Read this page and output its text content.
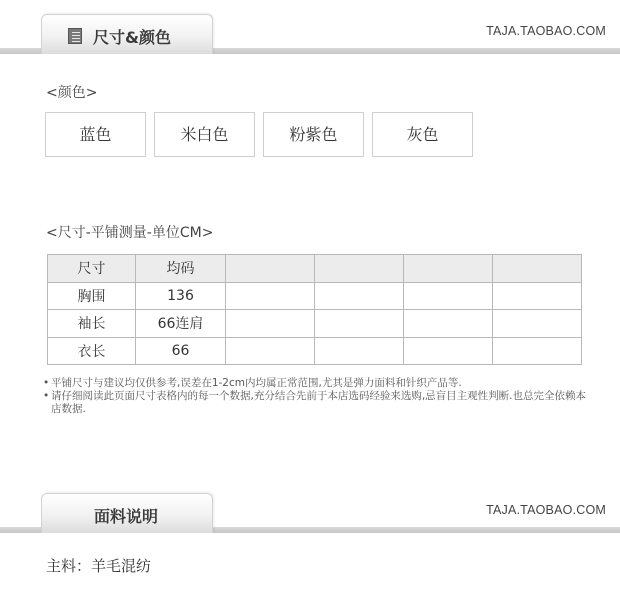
尺寸&颜色	TAJA.TAOBAO.COM
<颜色>
蓝色	米白色	粉紫色	灰色
<尺寸-平铺测量-单位CM>
尺寸	均码				
胸围	136				
袖长	66连肩				
衣长	66				
• 平铺尺寸与建议均仅供参考,误差在1-2cm内均属正常范围,尤其是弹力面料和针织产品等.
• 请仔细阅读此页面尺寸表格内的每一个数据,充分结合先前于本店选码经验来选购,忌盲目主观性判断.也总完全依赖本店数据.
面料说明	TAJA.TAOBAO.COM
主料：羊毛混纺
